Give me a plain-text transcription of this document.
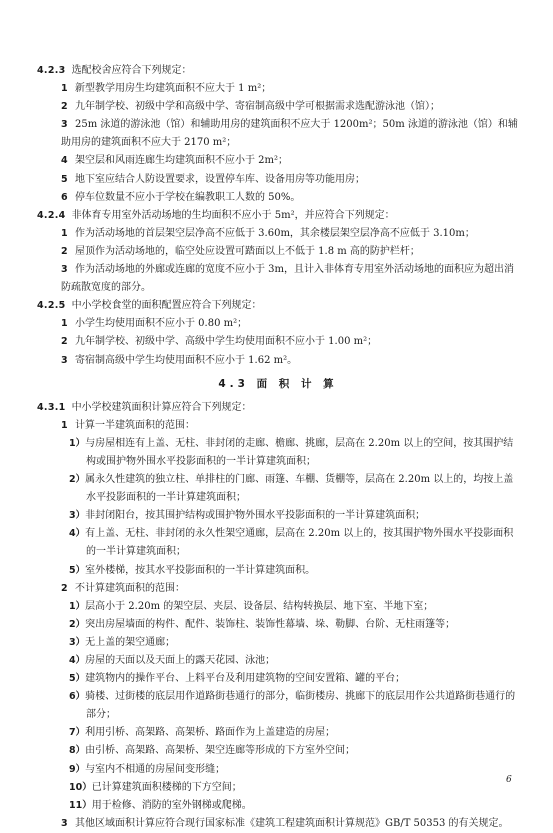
4.2.3 选配校舍应符合下列规定：

1 新型教学用房生均建筑面积不应大于 1 m²；

2 九年制学校、初级中学和高级中学、寄宿制高级中学可根据需求选配游泳池（馆）；

3 25m 泳道的游泳池（馆）和辅助用房的建筑面积不应大于 1200m²；50m 泳道的游泳池（馆）和辅助用房的建筑面积不应大于 2170 m²；

4 架空层和风雨连廊生均建筑面积不应小于 2m²；

5 地下室应结合人防设置要求，设置停车库、设备用房等功能用房；

6 停车位数量不应小于学校在编教职工人数的 50%。

4.2.4 非体育专用室外活动场地的生均面积不应小于 5m²，并应符合下列规定：

1 作为活动场地的首层架空层净高不应低于 3.60m，其余楼层架空层净高不应低于 3.10m；

2 屋顶作为活动场地的，临空处应设置可踏面以上不低于 1.8 m 高的防护栏杆；

3 作为活动场地的外廊或连廊的宽度不应小于 3m，且计入非体育专用室外活动场地的面积应为超出消防疏散宽度的部分。

4.2.5 中小学校食堂的面积配置应符合下列规定：

1 小学生均使用面积不应小于 0.80 m²；

2 九年制学校、初级中学、高级中学生均使用面积不应小于 1.00 m²；

3 寄宿制高级中学生均使用面积不应小于 1.62 m²。

4.3 面 积 计 算

4.3.1 中小学校建筑面积计算应符合下列规定：

1 计算一半建筑面积的范围：

1）与房屋相连有上盖、无柱、非封闭的走廊、檐廊、挑廊，层高在 2.20m 以上的空间，按其围护结构或围护物外围水平投影面积的一半计算建筑面积；

2）属永久性建筑的独立柱、单排柱的门廊、雨篷、车棚、货棚等，层高在 2.20m 以上的，均按上盖水平投影面积的一半计算建筑面积；

3）非封闭阳台，按其围护结构或围护物外围水平投影面积的一半计算建筑面积；

4）有上盖、无柱、非封闭的永久性架空通廊，层高在 2.20m 以上的，按其围护物外围水平投影面积的一半计算建筑面积；

5）室外楼梯，按其水平投影面积的一半计算建筑面积。

2 不计算建筑面积的范围：

1）层高小于 2.20m 的架空层、夹层、设备层、结构转换层、地下室、半地下室；

2）突出房屋墙面的构件、配件、装饰柱、装饰性幕墙、垛、勒脚、台阶、无柱雨篷等；

3）无上盖的架空通廊；

4）房屋的天面以及天面上的露天花园、泳池；

5）建筑物内的操作平台、上料平台及利用建筑物的空间安置箱、罐的平台；

6）骑楼、过街楼的底层用作道路街巷通行的部分，临街楼房、挑廊下的底层用作公共道路街巷通行的部分；

7）利用引桥、高架路、高架桥、路面作为上盖建造的房屋；

8）由引桥、高架路、高架桥、架空连廊等形成的下方室外空间；

9）与室内不相通的房屋间变形缝；

10）已计算建筑面积楼梯的下方空间；

11）用于检修、消防的室外钢梯或爬梯。

3 其他区域面积计算应符合现行国家标准《建筑工程建筑面积计算规范》GB/T 50353 的有关规定。

6
